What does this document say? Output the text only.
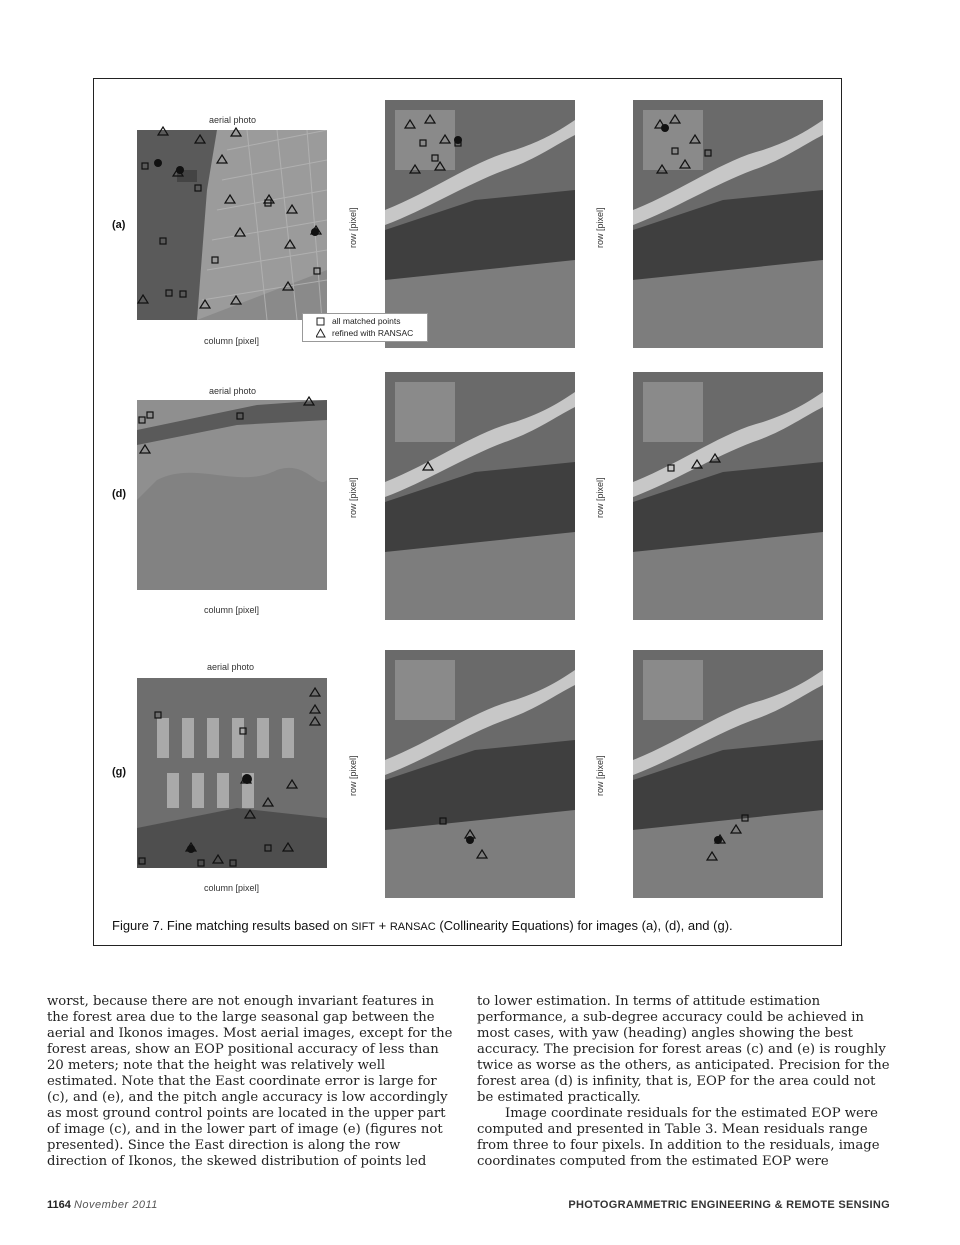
aerial photo
(a)
column [pixel]
row [pixel]	row [pixel]
all matched points
refined with RANSAC
aerial photo
(d)
column [pixel]
row [pixel]	row [pixel]
aerial photo
(g)
column [pixel]
row [pixel]	row [pixel]
Figure 7. Fine matching results based on SIFT + RANSAC (Collinearity Equations) for images (a), (d), and (g).

worst, because there are not enough invariant features in the forest area due to the large seasonal gap between the aerial and Ikonos images. Most aerial images, except for the forest areas, show an EOP positional accuracy of less than 20 meters; note that the height was relatively well estimated. Note that the East coordinate error is large for (c), and (e), and the pitch angle accuracy is low accordingly as most ground control points are located in the upper part of image (c), and in the lower part of image (e) (figures not presented). Since the East direction is along the row direction of Ikonos, the skewed distribution of points led

to lower estimation. In terms of attitude estimation performance, a sub-degree accuracy could be achieved in most cases, with yaw (heading) angles showing the best accuracy. The precision for forest areas (c) and (e) is roughly twice as worse as the others, as anticipated. Precision for the forest area (d) is infinity, that is, EOP for the area could not be estimated practically.

Image coordinate residuals for the estimated EOP were computed and presented in Table 3. Mean residuals range from three to four pixels. In addition to the residuals, image coordinates computed from the estimated EOP were

1164 November 2011	PHOTOGRAMMETRIC ENGINEERING & REMOTE SENSING
